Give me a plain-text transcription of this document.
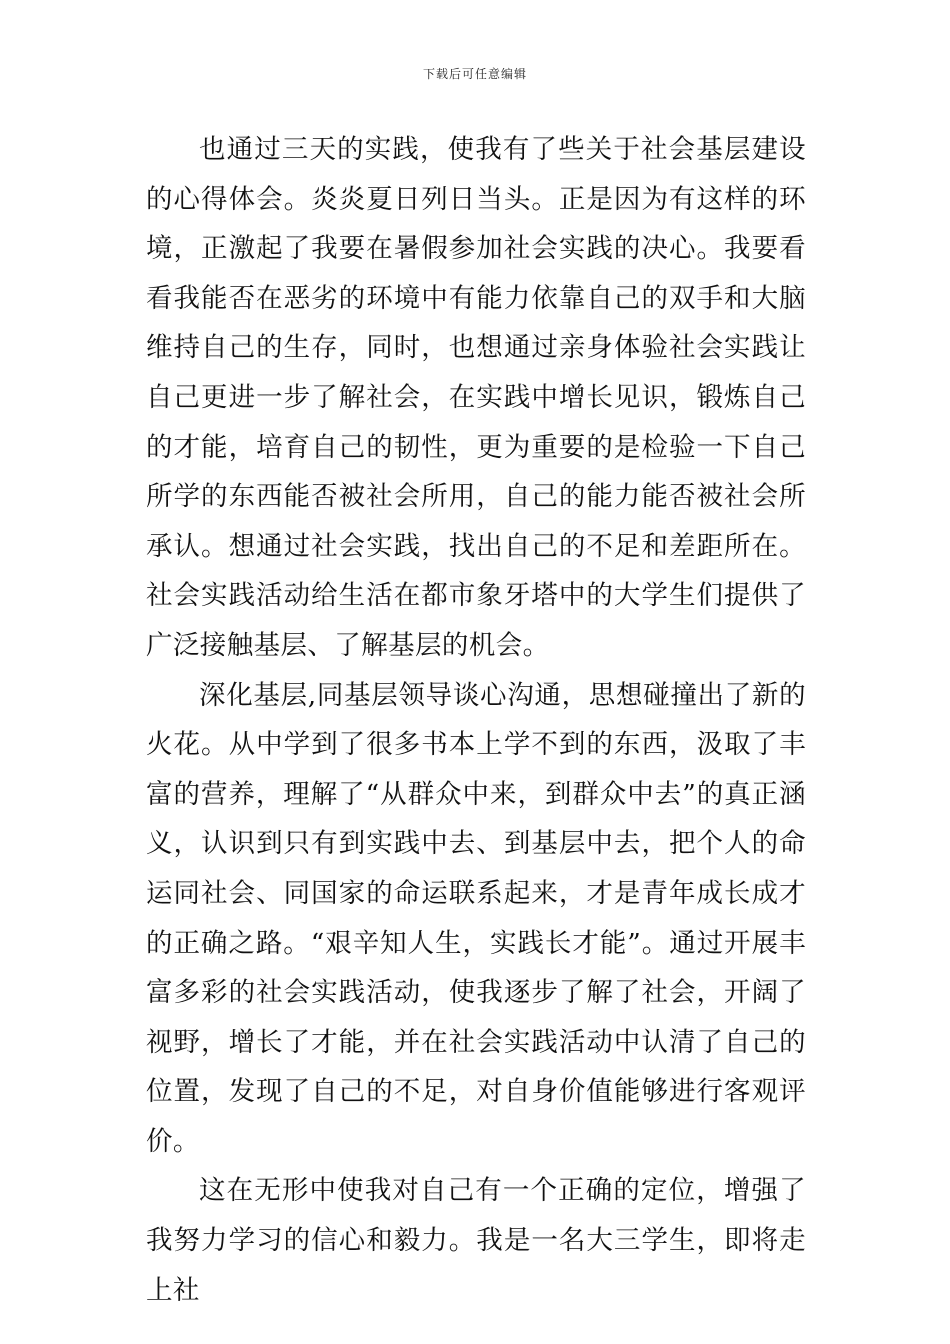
下载后可任意编辑

也通过三天的实践，使我有了些关于社会基层建设的心得体会。炎炎夏日列日当头。正是因为有这样的环境，正激起了我要在暑假参加社会实践的决心。我要看看我能否在恶劣的环境中有能力依靠自己的双手和大脑维持自己的生存，同时，也想通过亲身体验社会实践让自己更进一步了解社会，在实践中增长见识，锻炼自己的才能，培育自己的韧性，更为重要的是检验一下自己所学的东西能否被社会所用，自己的能力能否被社会所承认。想通过社会实践，找出自己的不足和差距所在。社会实践活动给生活在都市象牙塔中的大学生们提供了广泛接触基层、了解基层的机会。

深化基层,同基层领导谈心沟通，思想碰撞出了新的火花。从中学到了很多书本上学不到的东西，汲取了丰富的营养，理解了“从群众中来，到群众中去”的真正涵义，认识到只有到实践中去、到基层中去，把个人的命运同社会、同国家的命运联系起来，才是青年成长成才的正确之路。“艰辛知人生，实践长才能”。通过开展丰富多彩的社会实践活动，使我逐步了解了社会，开阔了视野，增长了才能，并在社会实践活动中认清了自己的位置，发现了自己的不足，对自身价值能够进行客观评价。

这在无形中使我对自己有一个正确的定位，增强了我努力学习的信心和毅力。我是一名大三学生，即将走上社
